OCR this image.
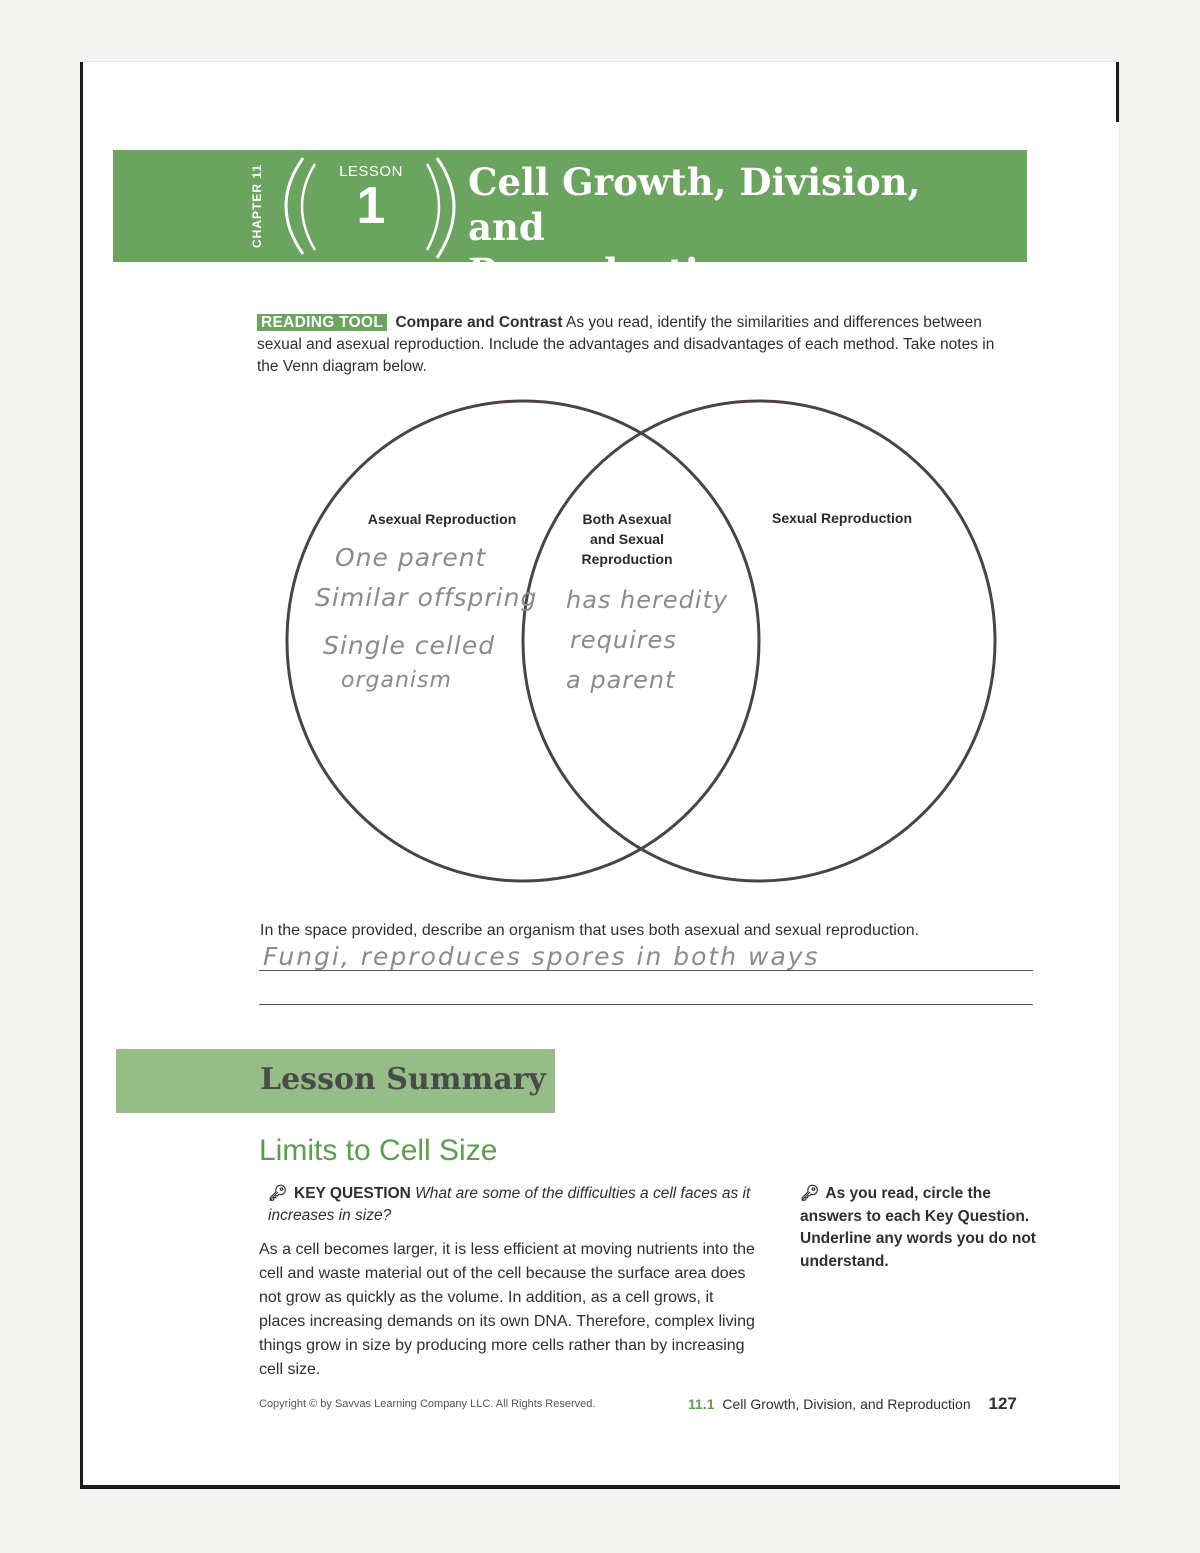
CHAPTER 11	LESSON
1	Cell Growth, Division, and
Reproduction

READING TOOL Compare and Contrast As you read, identify the similarities and differences between sexual and asexual reproduction. Include the advantages and disadvantages of each method. Take notes in the Venn diagram below.

Asexual Reproduction	Both Asexual
and Sexual
Reproduction
Sexual Reproduction
One parent
Similar offspring
Single celled
organism
has heredity
requires
a parent

In the space provided, describe an organism that uses both asexual and sexual reproduction.

Fungi, reproduces spores in both ways
Lesson Summary
Limits to Cell Size

🔑︎ KEY QUESTION What are some of the difficulties a cell faces as it increases in size?

As a cell becomes larger, it is less efficient at moving nutrients into the cell and waste material out of the cell because the surface area does not grow as quickly as the volume. In addition, as a cell grows, it places increasing demands on its own DNA. Therefore, complex living things grow in size by producing more cells rather than by increasing cell size.

🔑︎ As you read, circle the answers to each Key Question. Underline any words you do not understand.

Copyright © by Savvas Learning Company LLC. All Rights Reserved.	11.1 Cell Growth, Division, and Reproduction 127
